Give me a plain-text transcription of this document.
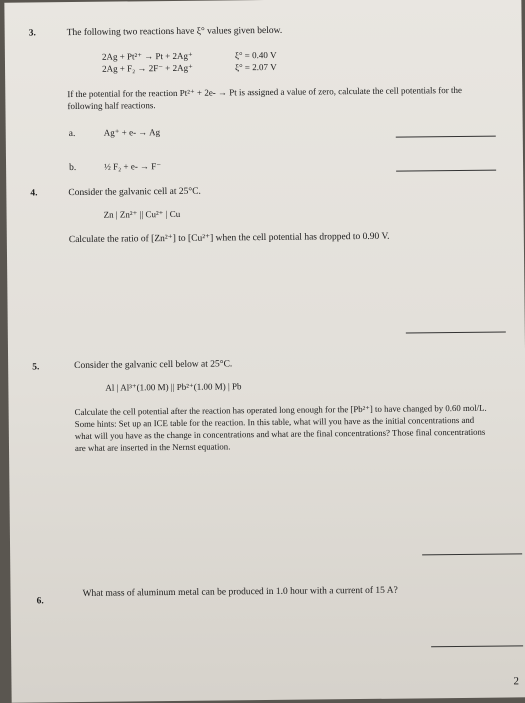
3.	The following two reactions have ξ° values given below.
2Ag + Pt²⁺ → Pt + 2Ag⁺	ξ° = 0.40 V
2Ag + F₂ → 2F⁻ + 2Ag⁺	ξ° = 2.07 V
If the potential for the reaction Pt²⁺ + 2e- → Pt is assigned a value of zero, calculate the cell potentials for the
following half reactions.
a.	Ag⁺ + e- → Ag
b.	½ F₂ + e- → F⁻
4.	Consider the galvanic cell at 25°C.
Zn | Zn²⁺ || Cu²⁺ | Cu
Calculate the ratio of [Zn²⁺] to [Cu²⁺] when the cell potential has dropped to 0.90 V.
5.	Consider the galvanic cell below at 25°C.
Al | Al³⁺(1.00 M) || Pb²⁺(1.00 M) | Pb
Calculate the cell potential after the reaction has operated long enough for the [Pb²⁺] to have changed by 0.60 mol/L.
Some hints: Set up an ICE table for the reaction. In this table, what will you have as the initial concentrations and
what will you have as the change in concentrations and what are the final concentrations? Those final concentrations
are what are inserted in the Nernst equation.
6.
What mass of aluminum metal can be produced in 1.0 hour with a current of 15 A?
2
